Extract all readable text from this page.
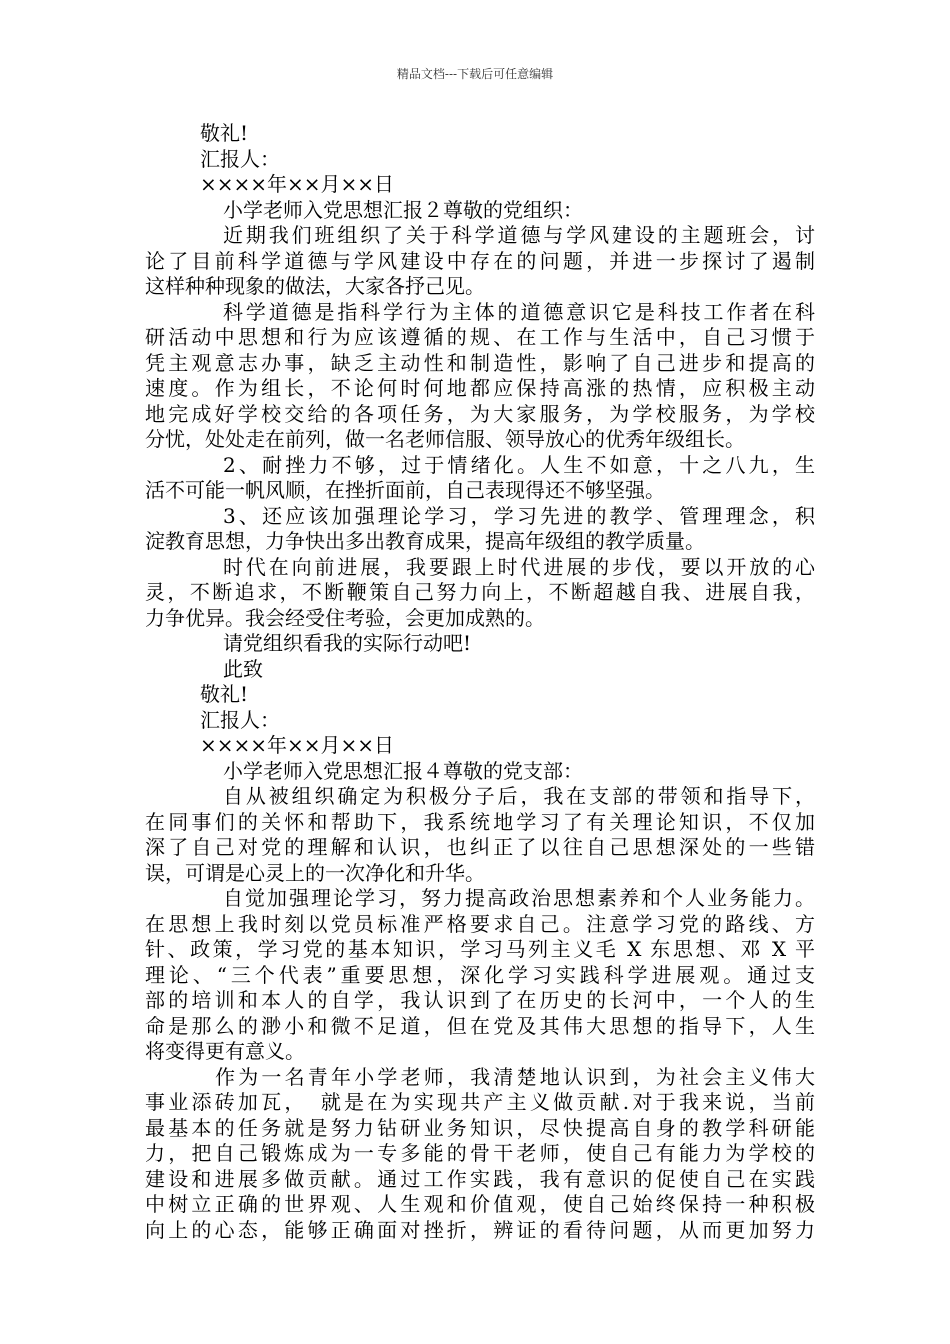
精品文档---下载后可任意编辑
敬礼!
汇报人：
××××年××月××日
小学老师入党思想汇报２尊敬的党组织：
近期我们班组织了关于科学道德与学风建设的主题班会，讨
论了目前科学道德与学风建设中存在的问题，并进一步探讨了遏制
这样种种现象的做法，大家各抒己见。
科学道德是指科学行为主体的道德意识它是科技工作者在科
研活动中思想和行为应该遵循的规、在工作与生活中，自己习惯于
凭主观意志办事，缺乏主动性和制造性，影响了自己进步和提高的
速度。作为组长，不论何时何地都应保持高涨的热情，应积极主动
地完成好学校交给的各项任务，为大家服务，为学校服务，为学校
分忧，处处走在前列，做一名老师信服、领导放心的优秀年级组长。
2、耐挫力不够，过于情绪化。人生不如意，十之八九，生
活不可能一帆风顺，在挫折面前，自己表现得还不够坚强。
3、还应该加强理论学习，学习先进的教学、管理理念，积
淀教育思想，力争快出多出教育成果，提高年级组的教学质量。
时代在向前进展，我要跟上时代进展的步伐，要以开放的心
灵，不断追求，不断鞭策自己努力向上，不断超越自我、进展自我，
力争优异。我会经受住考验，会更加成熟的。
请党组织看我的实际行动吧!
此致
敬礼!
汇报人：
××××年××月××日
小学老师入党思想汇报４尊敬的党支部：
自从被组织确定为积极分子后，我在支部的带领和指导下，
在同事们的关怀和帮助下，我系统地学习了有关理论知识，不仅加
深了自己对党的理解和认识，也纠正了以往自己思想深处的一些错
误，可谓是心灵上的一次净化和升华。
自觉加强理论学习，努力提高政治思想素养和个人业务能力。
在思想上我时刻以党员标准严格要求自己。注意学习党的路线、方
针、政策，学习党的基本知识，学习马列主义毛 X 东思想、邓 X 平
理论、“三个代表”重要思想，深化学习实践科学进展观。通过支
部的培训和本人的自学，我认识到了在历史的长河中，一个人的生
命是那么的渺小和微不足道，但在党及其伟大思想的指导下，人生
将变得更有意义。
作为一名青年小学老师，我清楚地认识到，为社会主义伟大
事业添砖加瓦，　就是在为实现共产主义做贡献.对于我来说，当前
最基本的任务就是努力钻研业务知识，尽快提高自身的教学科研能
力，把自己锻炼成为一专多能的骨干老师，使自己有能力为学校的
建设和进展多做贡献。通过工作实践，我有意识的促使自己在实践
中树立正确的世界观、人生观和价值观，使自己始终保持一种积极
向上的心态，能够正确面对挫折，辨证的看待问题，从而更加努力
